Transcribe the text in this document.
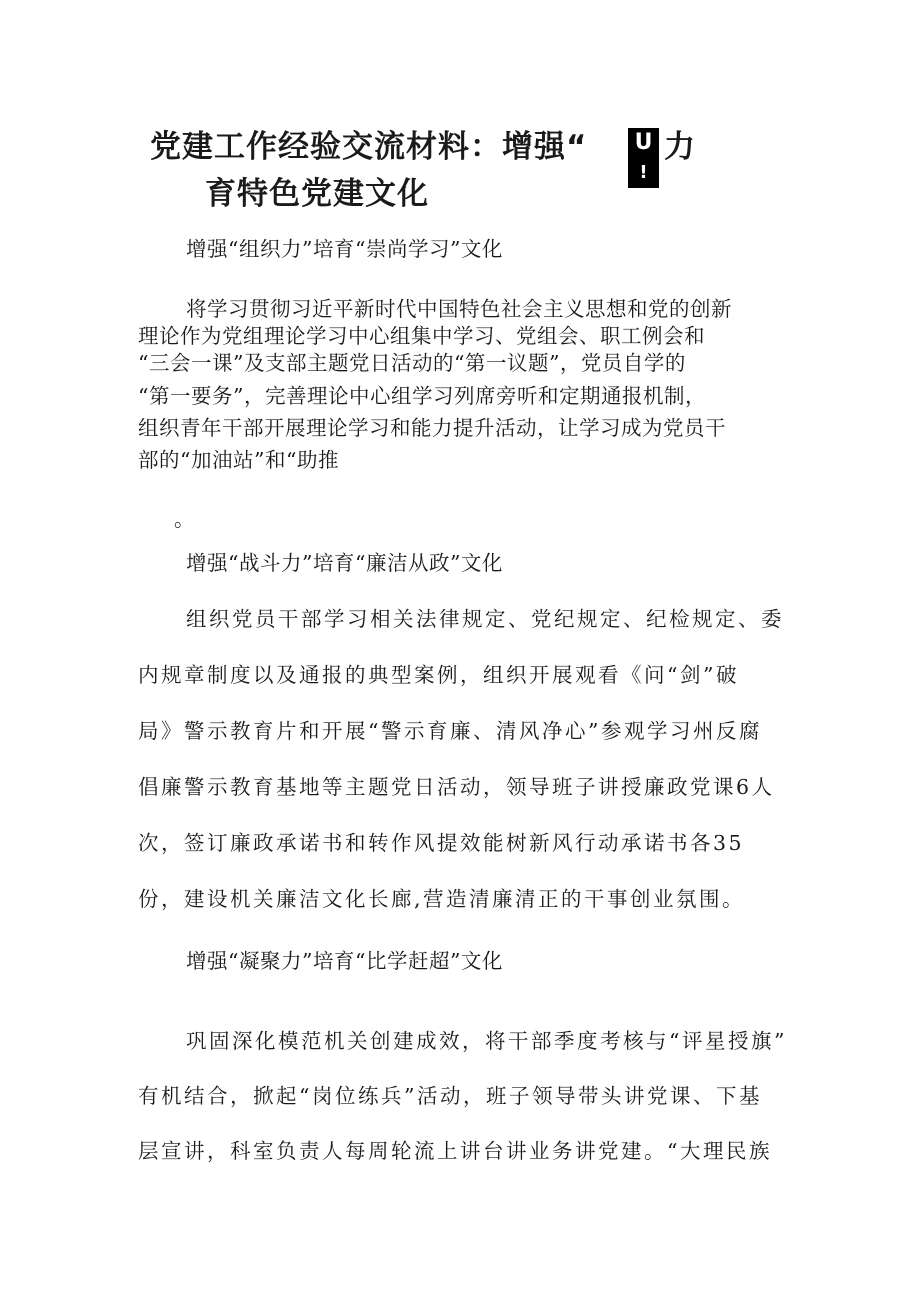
党建工作经验交流材料：增强“ U
!
力
育特色党建文化
增强“组织力”培育“崇尚学习”文化
将学习贯彻习近平新时代中国特色社会主义思想和党的创新
理论作为党组理论学习中心组集中学习、党组会、职工例会和
“三会一课”及支部主题党日活动的“第一议题”，党员自学的
“第一要务”，完善理论中心组学习列席旁听和定期通报机制，
组织青年干部开展理论学习和能力提升活动，让学习成为党员干
部的“加油站”和“助推
。
增强“战斗力”培育“廉洁从政”文化
组织党员干部学习相关法律规定、党纪规定、纪检规定、委
内规章制度以及通报的典型案例，组织开展观看《问“剑”破
局》警示教育片和开展“警示育廉、清风净心”参观学习州反腐
倡廉警示教育基地等主题党日活动，领导班子讲授廉政党课6人
次，签订廉政承诺书和转作风提效能树新风行动承诺书各35
份，建设机关廉洁文化长廊,营造清廉清正的干事创业氛围。
增强“凝聚力”培育“比学赶超”文化
巩固深化模范机关创建成效，将干部季度考核与“评星授旗”
有机结合，掀起“岗位练兵”活动，班子领导带头讲党课、下基
层宣讲，科室负责人每周轮流上讲台讲业务讲党建。“大理民族
